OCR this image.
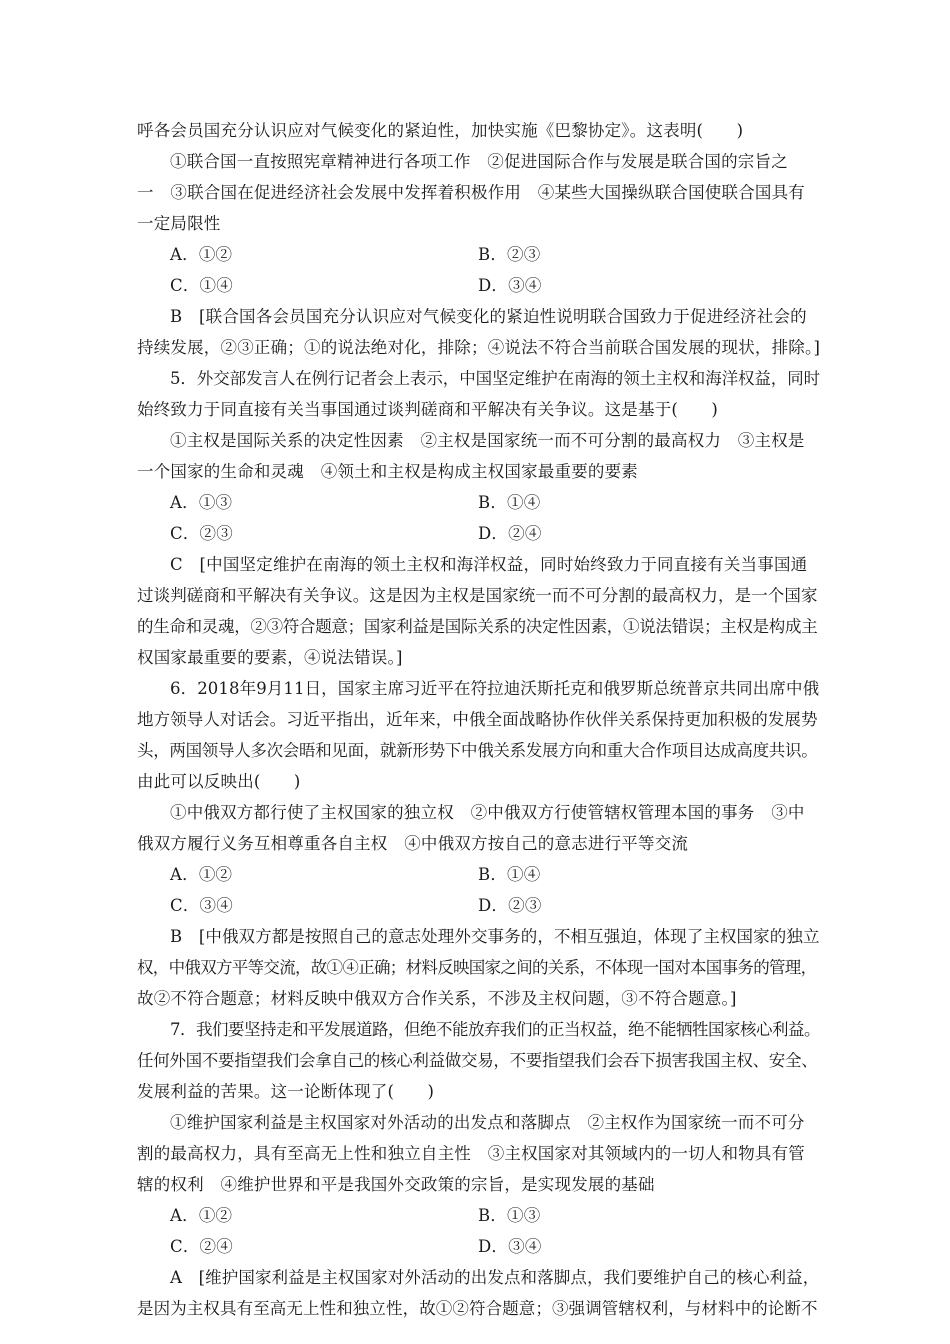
呼各会员国充分认识应对气候变化的紧迫性，加快实施《巴黎协定》。这表明(　　)
①联合国一直按照宪章精神进行各项工作　②促进国际合作与发展是联合国的宗旨之
一　③联合国在促进经济社会发展中发挥着积极作用　④某些大国操纵联合国使联合国具有
一定局限性
A．①②	B．②③
C．①④	D．③④
B　[联合国各会员国充分认识应对气候变化的紧迫性说明联合国致力于促进经济社会的
持续发展，②③正确；①的说法绝对化，排除；④说法不符合当前联合国发展的现状，排除。]
5．外交部发言人在例行记者会上表示，中国坚定维护在南海的领土主权和海洋权益，同时
始终致力于同直接有关当事国通过谈判磋商和平解决有关争议。这是基于(　　)
①主权是国际关系的决定性因素　②主权是国家统一而不可分割的最高权力　③主权是
一个国家的生命和灵魂　④领土和主权是构成主权国家最重要的要素
A．①③	B．①④
C．②③	D．②④
C　[中国坚定维护在南海的领土主权和海洋权益，同时始终致力于同直接有关当事国通
过谈判磋商和平解决有关争议。这是因为主权是国家统一而不可分割的最高权力，是一个国家
的生命和灵魂，②③符合题意；国家利益是国际关系的决定性因素，①说法错误；主权是构成主
权国家最重要的要素，④说法错误。]
6．2018年9月11日，国家主席习近平在符拉迪沃斯托克和俄罗斯总统普京共同出席中俄
地方领导人对话会。习近平指出，近年来，中俄全面战略协作伙伴关系保持更加积极的发展势
头，两国领导人多次会晤和见面，就新形势下中俄关系发展方向和重大合作项目达成高度共识。
由此可以反映出(　　)
①中俄双方都行使了主权国家的独立权　②中俄双方行使管辖权管理本国的事务　③中
俄双方履行义务互相尊重各自主权　④中俄双方按自己的意志进行平等交流
A．①②	B．①④
C．③④	D．②③
B　[中俄双方都是按照自己的意志处理外交事务的，不相互强迫，体现了主权国家的独立
权，中俄双方平等交流，故①④正确；材料反映国家之间的关系，不体现一国对本国事务的管理，
故②不符合题意；材料反映中俄双方合作关系，不涉及主权问题，③不符合题意。]
7．我们要坚持走和平发展道路，但绝不能放弃我们的正当权益，绝不能牺牲国家核心利益。
任何外国不要指望我们会拿自己的核心利益做交易，不要指望我们会吞下损害我国主权、安全、
发展利益的苦果。这一论断体现了(　　)
①维护国家利益是主权国家对外活动的出发点和落脚点　②主权作为国家统一而不可分
割的最高权力，具有至高无上性和独立自主性　③主权国家对其领域内的一切人和物具有管
辖的权利　④维护世界和平是我国外交政策的宗旨，是实现发展的基础
A．①②	B．①③
C．②④	D．③④
A　[维护国家利益是主权国家对外活动的出发点和落脚点，我们要维护自己的核心利益，
是因为主权具有至高无上性和独立性，故①②符合题意；③强调管辖权利，与材料中的论断不
